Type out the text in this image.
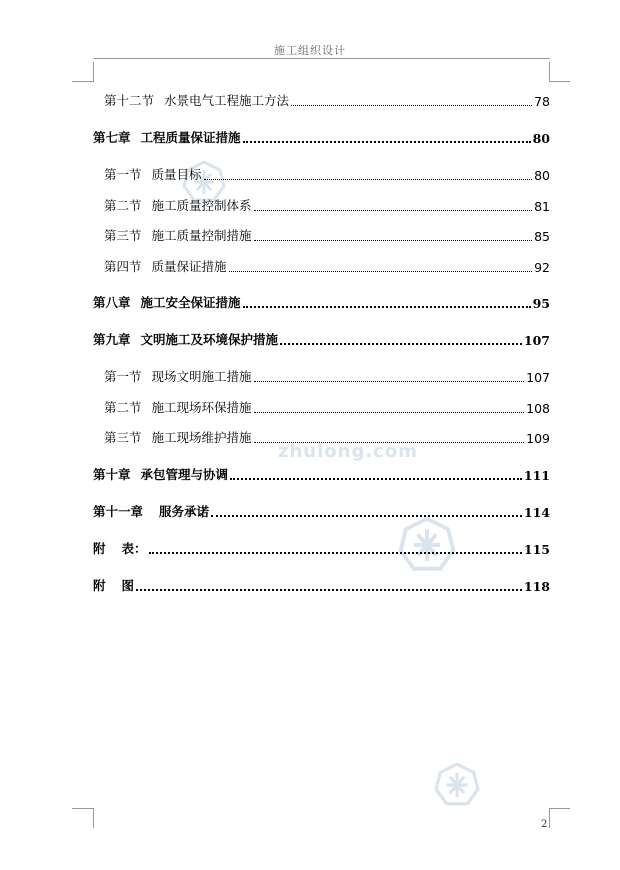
施工组织设计
zhulong.com
第十二节 水景电气工程施工方法	78
第七章 工程质量保证措施	80
第一节 质量目标	80
第二节 施工质量控制体系	81
第三节 施工质量控制措施	85
第四节 质量保证措施	92
第八章 施工安全保证措施	95
第九章 文明施工及环境保护措施	107
第一节 现场文明施工措施	107
第二节 施工现场环保措施	108
第三节 施工现场维护措施	109
第十章 承包管理与协调	111
第十一章 服务承诺	114
附 表：	115
附 图	118
2
